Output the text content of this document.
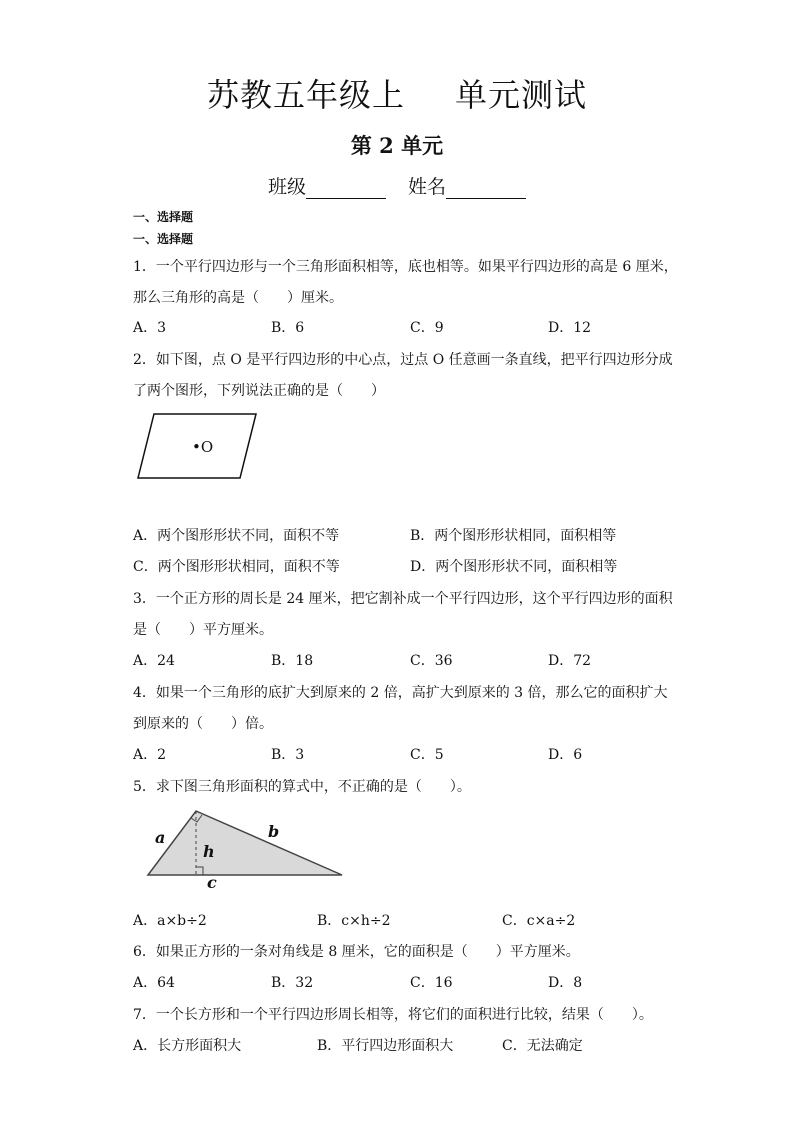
苏教五年级上 单元测试
第 2 单元
班级	姓名
一、选择题
一、选择题
1．一个平行四边形与一个三角形面积相等，底也相等。如果平行四边形的高是 6 厘米，
那么三角形的高是（　　）厘米。
A．3	B．6	C．9	D．12
2．如下图，点 O 是平行四边形的中心点，过点 O 任意画一条直线，把平行四边形分成
了两个图形，下列说法正确的是（　　）
•O
A．两个图形形状不同，面积不等	B．两个图形形状相同，面积相等
C．两个图形形状相同，面积不等	D．两个图形形状不同，面积相等
3．一个正方形的周长是 24 厘米，把它割补成一个平行四边形，这个平行四边形的面积
是（　　）平方厘米。
A．24	B．18	C．36	D．72
4．如果一个三角形的底扩大到原来的 2 倍，高扩大到原来的 3 倍，那么它的面积扩大
到原来的（　　）倍。
A．2	B．3	C．5	D．6
5．求下图三角形面积的算式中，不正确的是（　　）。
a	b
h
c
A．a×b÷2	B．c×h÷2	C．c×a÷2
6．如果正方形的一条对角线是 8 厘米，它的面积是（　　）平方厘米。
A．64	B．32	C．16	D．8
7．一个长方形和一个平行四边形周长相等，将它们的面积进行比较，结果（　　）。
A．长方形面积大	B．平行四边形面积大	C．无法确定
